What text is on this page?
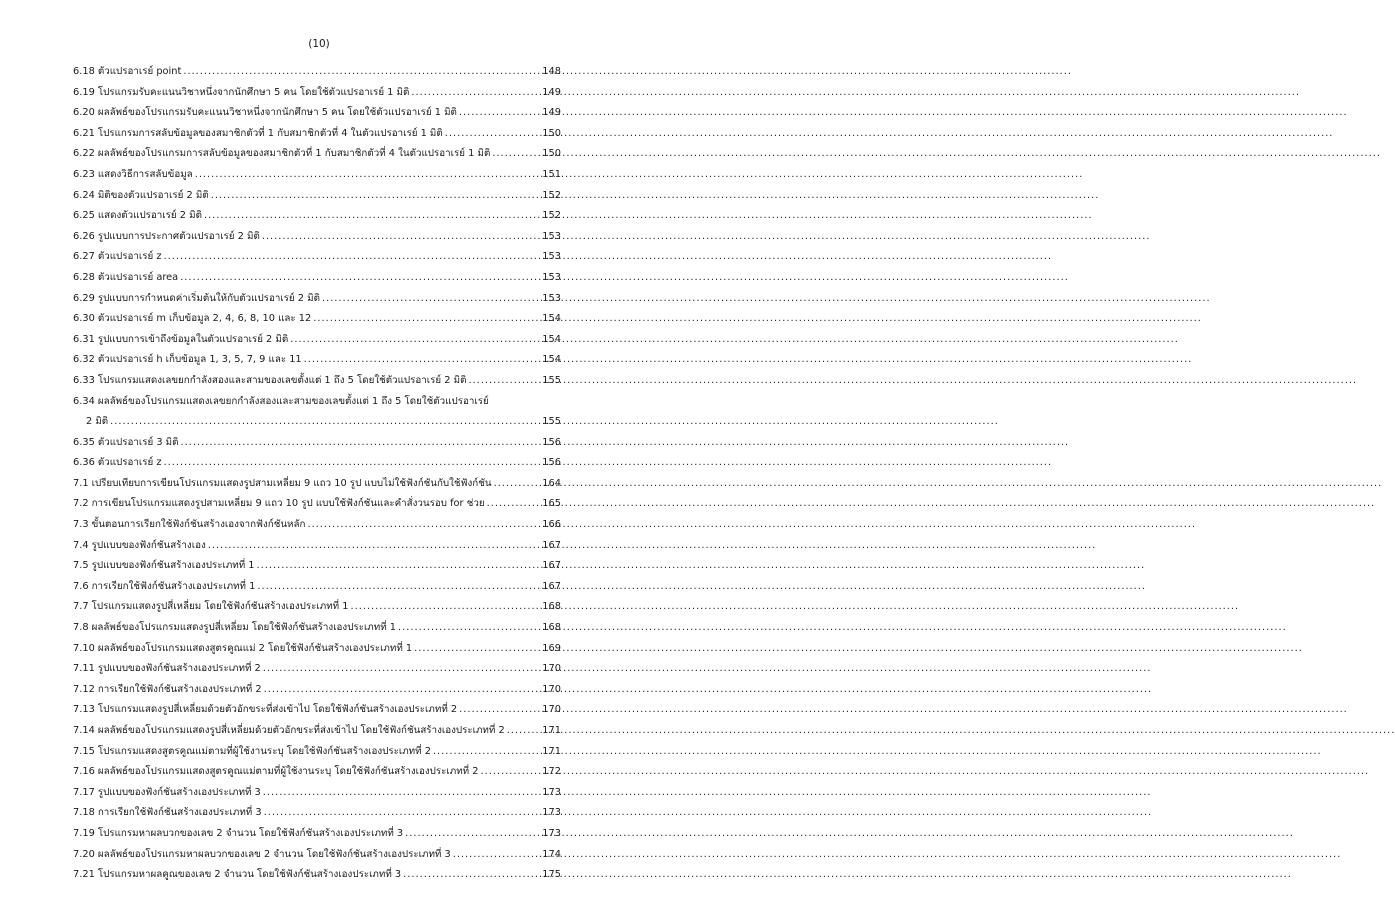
(10)
6.18 ตัวแปรอาเรย์ point .....	148
6.19 โปรแกรมรับคะแนนวิชาหนึ่งจากนักศึกษา 5 คน โดยใช้ตัวแปรอาเรย์ 1 มิติ .....	149
6.20 ผลลัพธ์ของโปรแกรมรับคะแนนวิชาหนึ่งจากนักศึกษา 5 คน โดยใช้ตัวแปรอาเรย์ 1 มิติ .....	149
6.21 โปรแกรมการสลับข้อมูลของสมาชิกตัวที่ 1 กับสมาชิกตัวที่ 4 ในตัวแปรอาเรย์ 1 มิติ .....	150
6.22 ผลลัพธ์ของโปรแกรมการสลับข้อมูลของสมาชิกตัวที่ 1 กับสมาชิกตัวที่ 4 ในตัวแปรอาเรย์ 1 มิติ .....	150
6.23 แสดงวิธีการสลับข้อมูล .....	151
6.24 มิติของตัวแปรอาเรย์ 2 มิติ .....	152
6.25 แสดงตัวแปรอาเรย์ 2 มิติ .....	152
6.26 รูปแบบการประกาศตัวแปรอาเรย์ 2 มิติ .....	153
6.27 ตัวแปรอาเรย์ z .....	153
6.28 ตัวแปรอาเรย์ area .....	153
6.29 รูปแบบการกำหนดค่าเริ่มต้นให้กับตัวแปรอาเรย์ 2 มิติ .....	153
6.30 ตัวแปรอาเรย์ m เก็บข้อมูล 2, 4, 6, 8, 10 และ 12 .....	154
6.31 รูปแบบการเข้าถึงข้อมูลในตัวแปรอาเรย์ 2 มิติ .....	154
6.32 ตัวแปรอาเรย์ h เก็บข้อมูล 1, 3, 5, 7, 9 และ 11 .....	154
6.33 โปรแกรมแสดงเลขยกกำลังสองและสามของเลขตั้งแต่ 1 ถึง 5 โดยใช้ตัวแปรอาเรย์ 2 มิติ .....	155
6.34 ผลลัพธ์ของโปรแกรมแสดงเลขยกกำลังสองและสามของเลขตั้งแต่ 1 ถึง 5 โดยใช้ตัวแปรอาเรย์
2 มิติ .....	155
6.35 ตัวแปรอาเรย์ 3 มิติ .....	156
6.36 ตัวแปรอาเรย์ z .....	156
7.1 เปรียบเทียบการเขียนโปรแกรมแสดงรูปสามเหลี่ยม 9 แถว 10 รูป แบบไม่ใช้ฟังก์ชันกับใช้ฟังก์ชัน .....	164
7.2 การเขียนโปรแกรมแสดงรูปสามเหลี่ยม 9 แถว 10 รูป แบบใช้ฟังก์ชันและคำสั่งวนรอบ for ช่วย .....	165
7.3 ขั้นตอนการเรียกใช้ฟังก์ชันสร้างเองจากฟังก์ชันหลัก .....	166
7.4 รูปแบบของฟังก์ชันสร้างเอง .....	167
7.5 รูปแบบของฟังก์ชันสร้างเองประเภทที่ 1 .....	167
7.6 การเรียกใช้ฟังก์ชันสร้างเองประเภทที่ 1 .....	167
7.7 โปรแกรมแสดงรูปสี่เหลี่ยม โดยใช้ฟังก์ชันสร้างเองประเภทที่ 1 .....	168
7.8 ผลลัพธ์ของโปรแกรมแสดงรูปสี่เหลี่ยม โดยใช้ฟังก์ชันสร้างเองประเภทที่ 1 .....	168
7.10 ผลลัพธ์ของโปรแกรมแสดงสูตรคูณแม่ 2 โดยใช้ฟังก์ชันสร้างเองประเภทที่ 1 .....	169
7.11 รูปแบบของฟังก์ชันสร้างเองประเภทที่ 2 .....	170
7.12 การเรียกใช้ฟังก์ชันสร้างเองประเภทที่ 2 .....	170
7.13 โปรแกรมแสดงรูปสี่เหลี่ยมด้วยตัวอักขระที่ส่งเข้าไป โดยใช้ฟังก์ชันสร้างเองประเภทที่ 2 .....	170
7.14 ผลลัพธ์ของโปรแกรมแสดงรูปสี่เหลี่ยมด้วยตัวอักขระที่ส่งเข้าไป โดยใช้ฟังก์ชันสร้างเองประเภทที่ 2 .....	171
7.15 โปรแกรมแสดงสูตรคูณแม่ตามที่ผู้ใช้งานระบุ โดยใช้ฟังก์ชันสร้างเองประเภทที่ 2 .....	171
7.16 ผลลัพธ์ของโปรแกรมแสดงสูตรคูณแม่ตามที่ผู้ใช้งานระบุ โดยใช้ฟังก์ชันสร้างเองประเภทที่ 2 .....	172
7.17 รูปแบบของฟังก์ชันสร้างเองประเภทที่ 3 .....	173
7.18 การเรียกใช้ฟังก์ชันสร้างเองประเภทที่ 3 .....	173
7.19 โปรแกรมหาผลบวกของเลข 2 จำนวน โดยใช้ฟังก์ชันสร้างเองประเภทที่ 3 .....	173
7.20 ผลลัพธ์ของโปรแกรมหาผลบวกของเลข 2 จำนวน โดยใช้ฟังก์ชันสร้างเองประเภทที่ 3 .....	174
7.21 โปรแกรมหาผลคูณของเลข 2 จำนวน โดยใช้ฟังก์ชันสร้างเองประเภทที่ 3 .....	175
